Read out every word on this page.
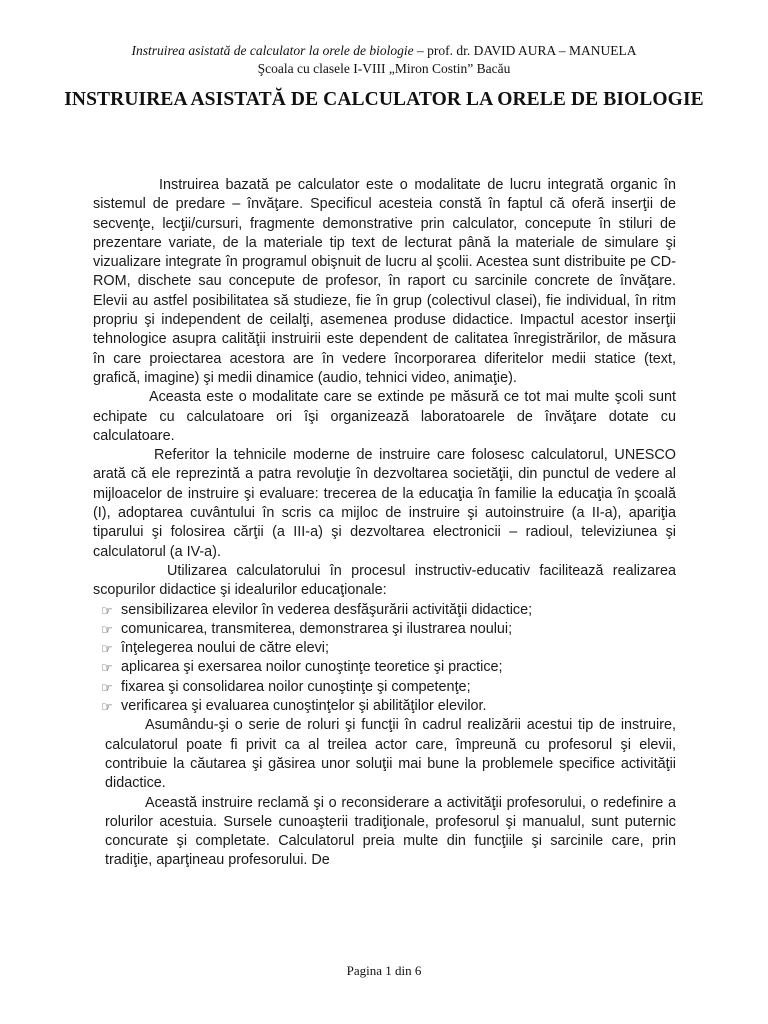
Instruirea asistată de calculator la orele de biologie – prof. dr. DAVID AURA – MANUELA
Şcoala cu clasele I-VIII „Miron Costin” Bacău
INSTRUIREA ASISTATĂ DE CALCULATOR LA ORELE DE BIOLOGIE

Instruirea bazată pe calculator este o modalitate de lucru integrată organic în sistemul de predare – învăţare. Specificul acesteia constă în faptul că oferă inserţii de secvenţe, lecţii/cursuri, fragmente demonstrative prin calculator, concepute în stiluri de prezentare variate, de la materiale tip text de lecturat până la materiale de simulare şi vizualizare integrate în programul obişnuit de lucru al şcolii. Acestea sunt distribuite pe CD-ROM, dischete sau concepute de profesor, în raport cu sarcinile concrete de învăţare. Elevii au astfel posibilitatea să studieze, fie în grup (colectivul clasei), fie individual, în ritm propriu şi independent de ceilalţi, asemenea produse didactice. Impactul acestor inserţii tehnologice asupra calităţii instruirii este dependent de calitatea înregistrărilor, de măsura în care proiectarea acestora are în vedere încorporarea diferitelor medii statice (text, grafică, imagine) şi medii dinamice (audio, tehnici video, animaţie).

Aceasta este o modalitate care se extinde pe măsură ce tot mai multe şcoli sunt echipate cu calculatoare ori îşi organizează laboratoarele de învăţare dotate cu calculatoare.

Referitor la tehnicile moderne de instruire care folosesc calculatorul, UNESCO arată că ele reprezintă a patra revoluţie în dezvoltarea societăţii, din punctul de vedere al mijloacelor de instruire şi evaluare: trecerea de la educaţia în familie la educaţia în şcoală (I), adoptarea cuvântului în scris ca mijloc de instruire şi autoinstruire (a II-a), apariţia tiparului şi folosirea cărţii (a III-a) şi dezvoltarea electronicii – radioul, televiziunea şi calculatorul (a IV-a).

Utilizarea calculatorului în procesul instructiv-educativ facilitează realizarea scopurilor didactice şi idealurilor educaţionale:

☞ sensibilizarea elevilor în vederea desfăşurării activităţii didactice;
☞ comunicarea, transmiterea, demonstrarea şi ilustrarea noului;
☞ înţelegerea noului de către elevi;
☞ aplicarea şi exersarea noilor cunoştinţe teoretice şi practice;
☞ fixarea şi consolidarea noilor cunoştinţe şi competenţe;
☞ verificarea şi evaluarea cunoştinţelor şi abilităţilor elevilor.

Asumându-şi o serie de roluri şi funcţii în cadrul realizării acestui tip de instruire, calculatorul poate fi privit ca al treilea actor care, împreună cu profesorul şi elevii, contribuie la căutarea şi găsirea unor soluţii mai bune la problemele specifice activităţii didactice.

Această instruire reclamă şi o reconsiderare a activităţii profesorului, o redefinire a rolurilor acestuia. Sursele cunoaşterii tradiţionale, profesorul şi manualul, sunt puternic concurate şi completate. Calculatorul preia multe din funcţiile şi sarcinile care, prin tradiţie, aparţineau profesorului. De

Pagina 1 din 6
